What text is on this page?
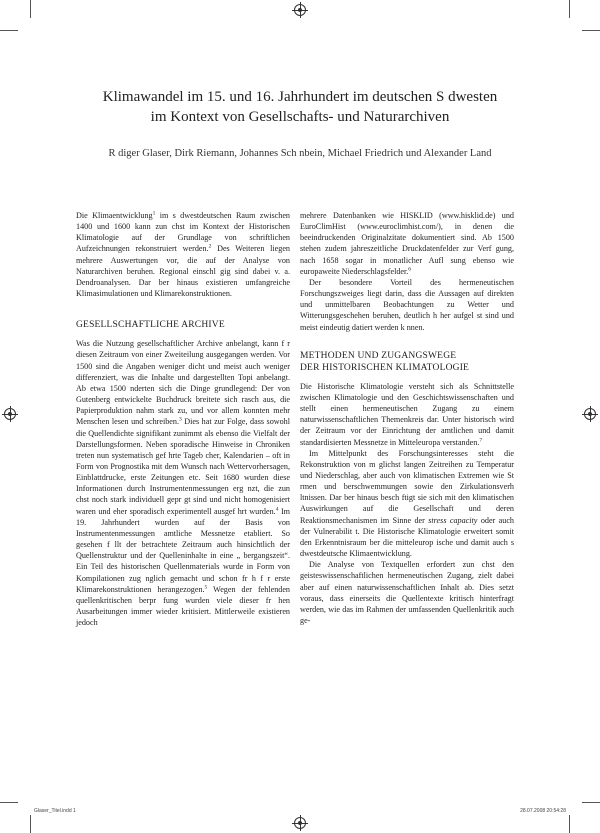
Klimawandel im 15. und 16. Jahrhundert im deutschen S dwesten
im Kontext von Gesellschafts- und Naturarchiven
R diger Glaser, Dirk Riemann, Johannes Sch nbein, Michael Friedrich und Alexander Land

Die Klimaentwicklung$^1$ im s dwestdeutschen Raum zwischen 1400 und 1600 kann zun chst im Kontext der Historischen Klimatologie auf der Grundlage von schriftlichen Aufzeichnungen rekonstruiert werden.$^2$ Des Weiteren liegen mehrere Auswertungen vor, die auf der Analyse von Naturarchiven beruhen. Regional einschl gig sind dabei v. a. Dendroanalysen. Dar ber hinaus existieren umfangreiche Klimasimulationen und Klimarekonstruktionen.

GESELLSCHAFTLICHE ARCHIVE

Was die Nutzung gesellschaftlicher Archive anbelangt, kann f r diesen Zeitraum von einer Zweiteilung ausgegangen werden. Vor 1500 sind die Angaben weniger dicht und meist auch weniger differenziert, was die Inhalte und dargestellten Topi anbelangt. Ab etwa 1500 nderten sich die Dinge grundlegend: Der von Gutenberg entwickelte Buchdruck breitete sich rasch aus, die Papierproduktion nahm stark zu, und vor allem konnten mehr Menschen lesen und schreiben.$^3$ Dies hat zur Folge, dass sowohl die Quellendichte signifikant zunimmt als ebenso die Vielfalt der Darstellungsformen. Neben sporadische Hinweise in Chroniken treten nun systematisch gef hrte Tageb cher, Kalendarien – oft in Form von Prognostika mit dem Wunsch nach Wettervorhersagen, Einblattdrucke, erste Zeitungen etc. Seit 1680 wurden diese Informationen durch Instrumentenmessungen erg nzt, die zun chst noch stark individuell gepr gt sind und nicht homogenisiert waren und eher sporadisch experimentell ausgef hrt wurden.$^4$ Im 19. Jahrhundert wurden auf der Basis von Instrumentenmessungen amtliche Messnetze etabliert. So gesehen f llt der betrachtete Zeitraum auch hinsichtlich der Quellenstruktur und der Quelleninhalte in eine „ bergangszeit“. Ein Teil des historischen Quellenmaterials wurde in Form von Kompilationen zug nglich gemacht und schon fr h f r erste Klimarekonstruktionen herangezogen.$^5$ Wegen der fehlenden quellenkritischen berpr fung wurden viele dieser fr hen Ausarbeitungen immer wieder kritisiert. Mittlerweile existieren jedoch

mehrere Datenbanken wie HISKLID (www.hisklid.de) und EuroClimHist (www.euroclimhist.com/), in denen die beeindruckenden Originalzitate dokumentiert sind. Ab 1500 stehen zudem jahreszeitliche Druckdatenfelder zur Verf gung, nach 1658 sogar in monatlicher Aufl sung ebenso wie europaweite Niederschlagsfelder.$^6$

Der besondere Vorteil des hermeneutischen Forschungszweiges liegt darin, dass die Aussagen auf direkten und unmittelbaren Beobachtungen zu Wetter und Witterungsgeschehen beruhen, deutlich h her aufgel st sind und meist eindeutig datiert werden k nnen.

METHODEN UND ZUGANGSWEGE
DER HISTORISCHEN KLIMATOLOGIE

Die Historische Klimatologie versteht sich als Schnittstelle zwischen Klimatologie und den Geschichtswissenschaften und stellt einen hermeneutischen Zugang zu einem naturwissenschaftlichen Themenkreis dar. Unter historisch wird der Zeitraum vor der Einrichtung der amtlichen und damit standardisierten Messnetze in Mitteleuropa verstanden.$^7$

Im Mittelpunkt des Forschungsinteresses steht die Rekonstruktion von m glichst langen Zeitreihen zu Temperatur und Niederschlag, aber auch von klimatischen Extremen wie St rmen und berschwemmungen sowie den Zirkulationsverh ltnissen. Dar ber hinaus besch ftigt sie sich mit den klimatischen Auswirkungen auf die Gesellschaft und deren Reaktionsmechanismen im Sinne der stress capacity oder auch der Vulnerabilit t. Die Historische Klimatologie erweitert somit den Erkenntnisraum ber die mitteleurop ische und damit auch s dwestdeutsche Klimaentwicklung.

Die Analyse von Textquellen erfordert zun chst den geisteswissenschaftlichen hermeneutischen Zugang, zielt dabei aber auf einen naturwissenschaftlichen Inhalt ab. Dies setzt voraus, dass einerseits die Quellentexte kritisch hinterfragt werden, wie das im Rahmen der umfassenden Quellenkritik auch ge-

Glaser_Titel.indd 1	28.07.2008 20:54:28
